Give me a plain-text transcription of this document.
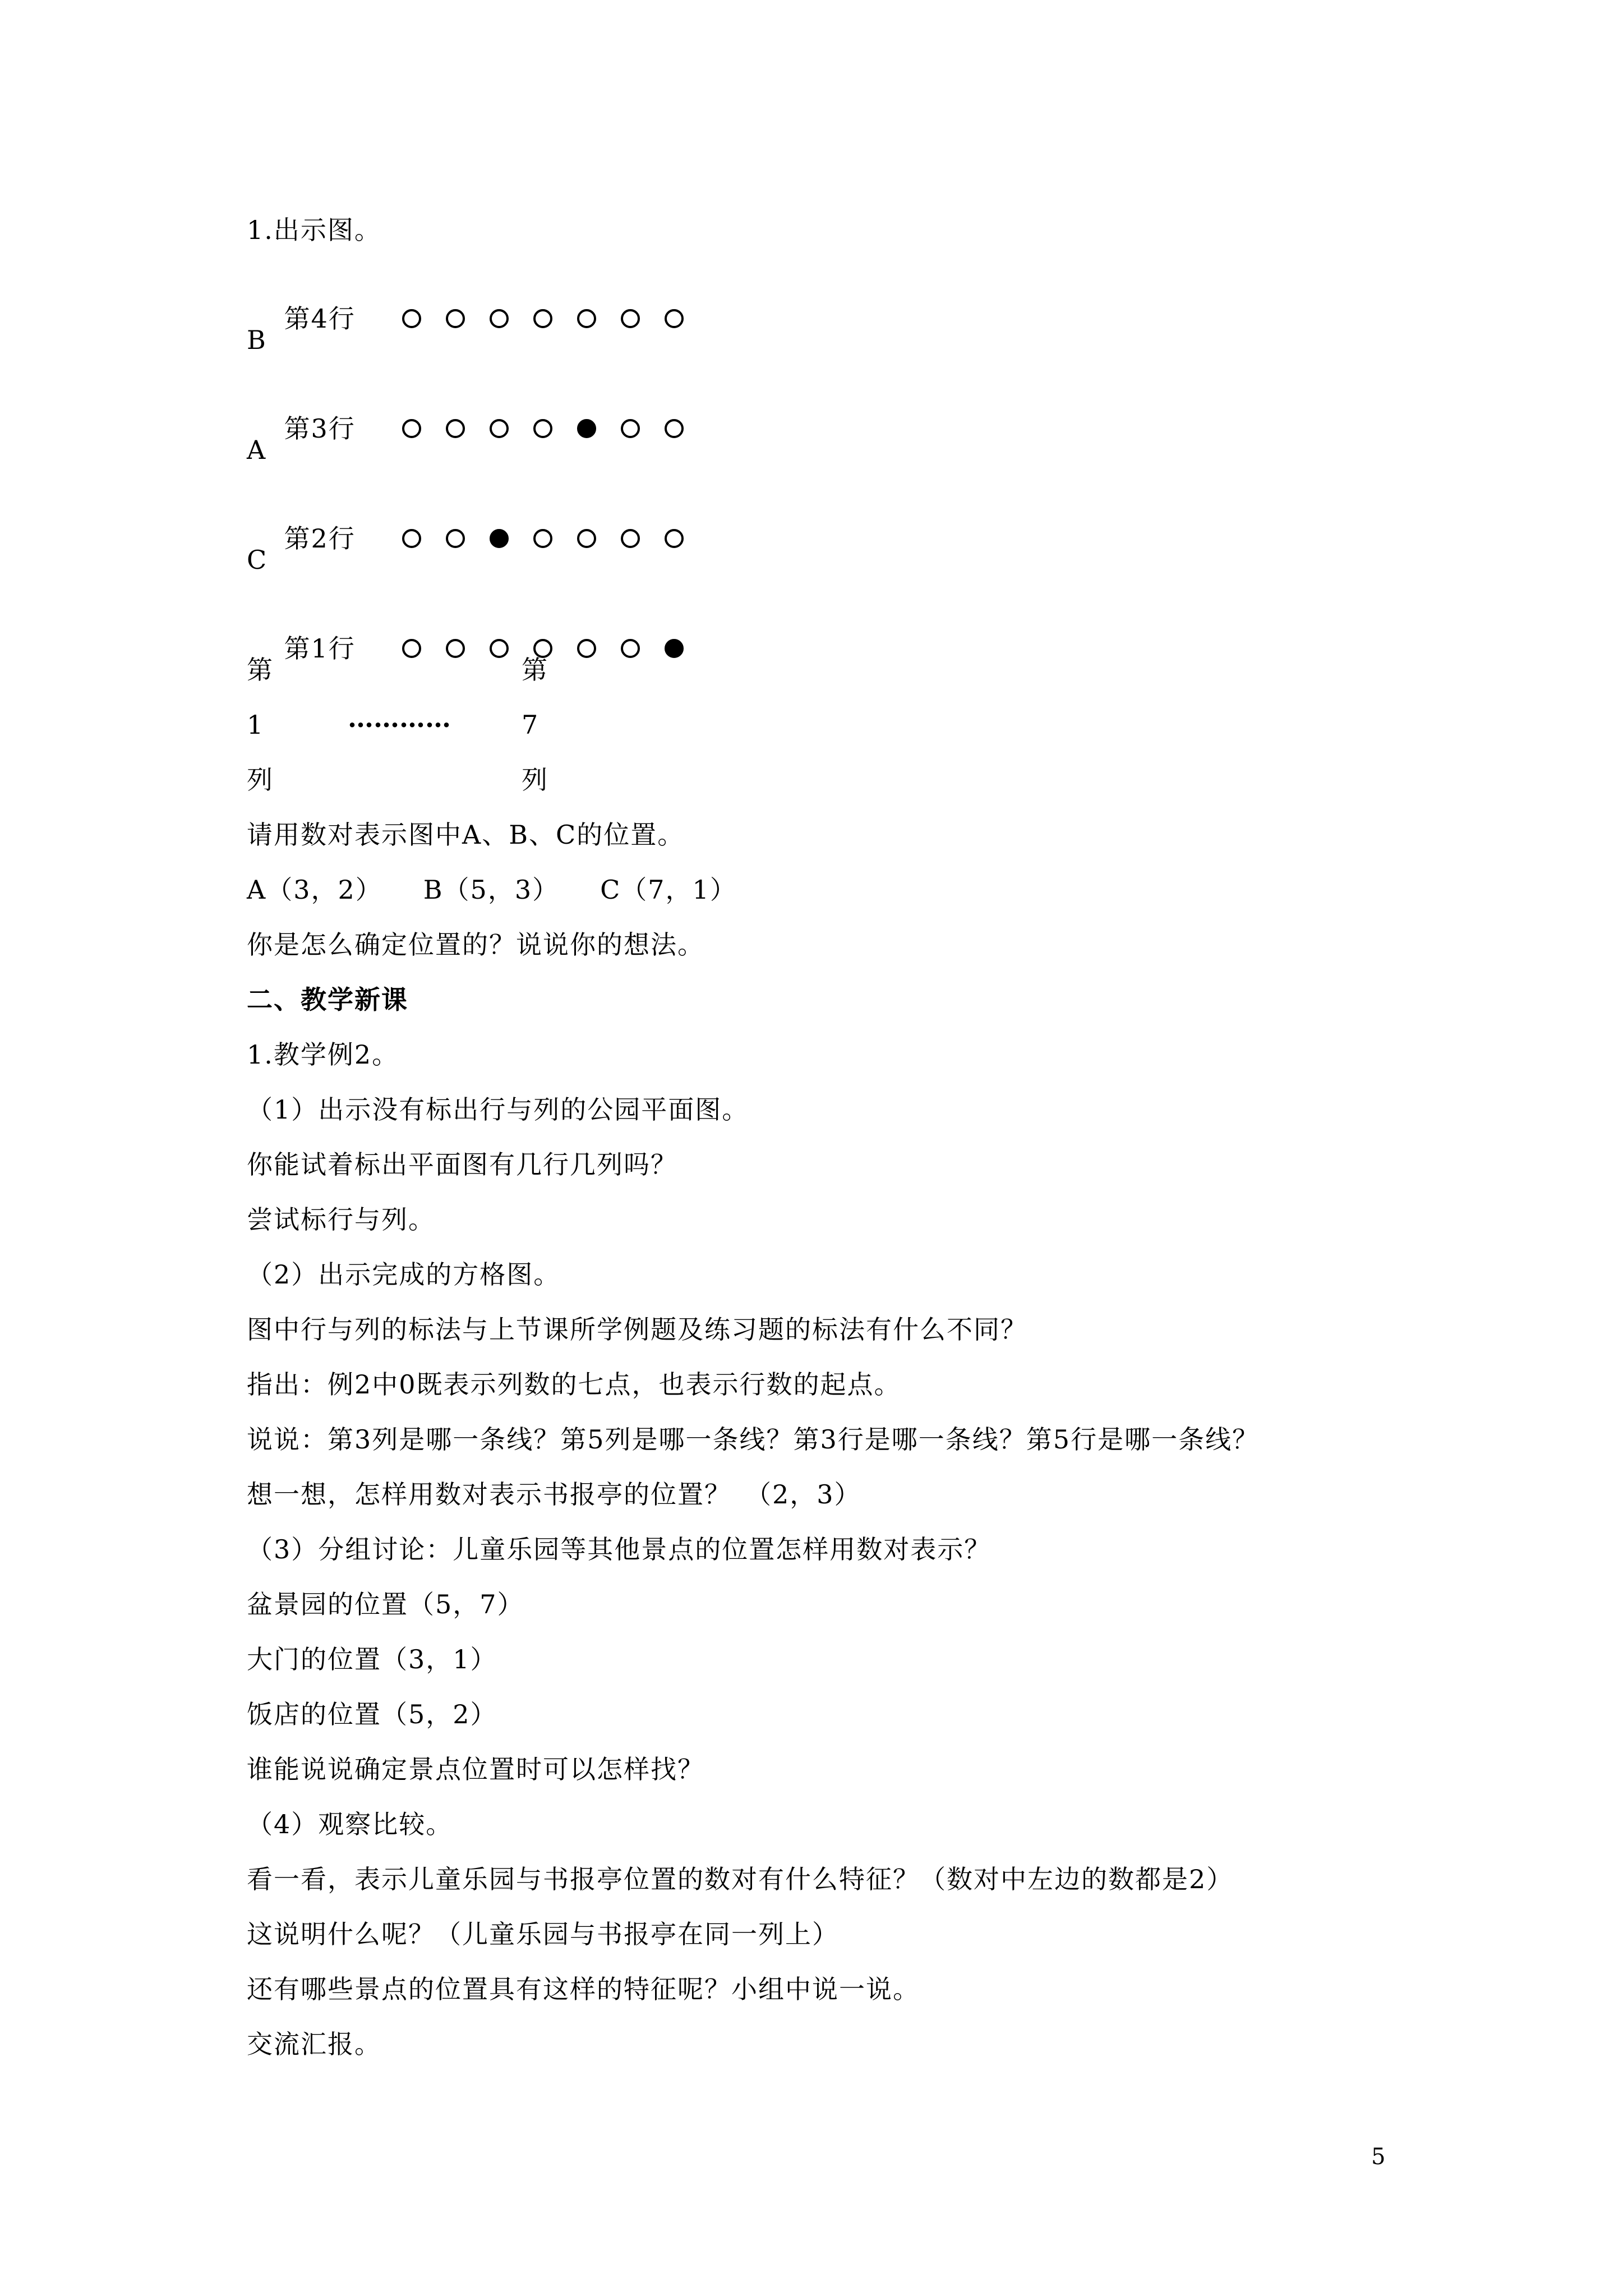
1.出示图。

第4行

B

第3行

A

第2行

C

第1行

第	第
1	…………	7
列	列
请用数对表示图中A、B、C的位置。
A（3，2）　　B（5，3）　　C（7，1）
你是怎么确定位置的？说说你的想法。
二、教学新课
1.教学例2。
（1）出示没有标出行与列的公园平面图。
你能试着标出平面图有几行几列吗？
尝试标行与列。
（2）出示完成的方格图。
图中行与列的标法与上节课所学例题及练习题的标法有什么不同？
指出：例2中0既表示列数的七点，也表示行数的起点。
说说：第3列是哪一条线？第5列是哪一条线？第3行是哪一条线？第5行是哪一条线？
想一想，怎样用数对表示书报亭的位置？　（2，3）
（3）分组讨论：儿童乐园等其他景点的位置怎样用数对表示？
盆景园的位置（5，7）
大门的位置（3，1）
饭店的位置（5，2）
谁能说说确定景点位置时可以怎样找？
（4）观察比较。
看一看，表示儿童乐园与书报亭位置的数对有什么特征？（数对中左边的数都是2）
这说明什么呢？（儿童乐园与书报亭在同一列上）
还有哪些景点的位置具有这样的特征呢？小组中说一说。
交流汇报。
5
